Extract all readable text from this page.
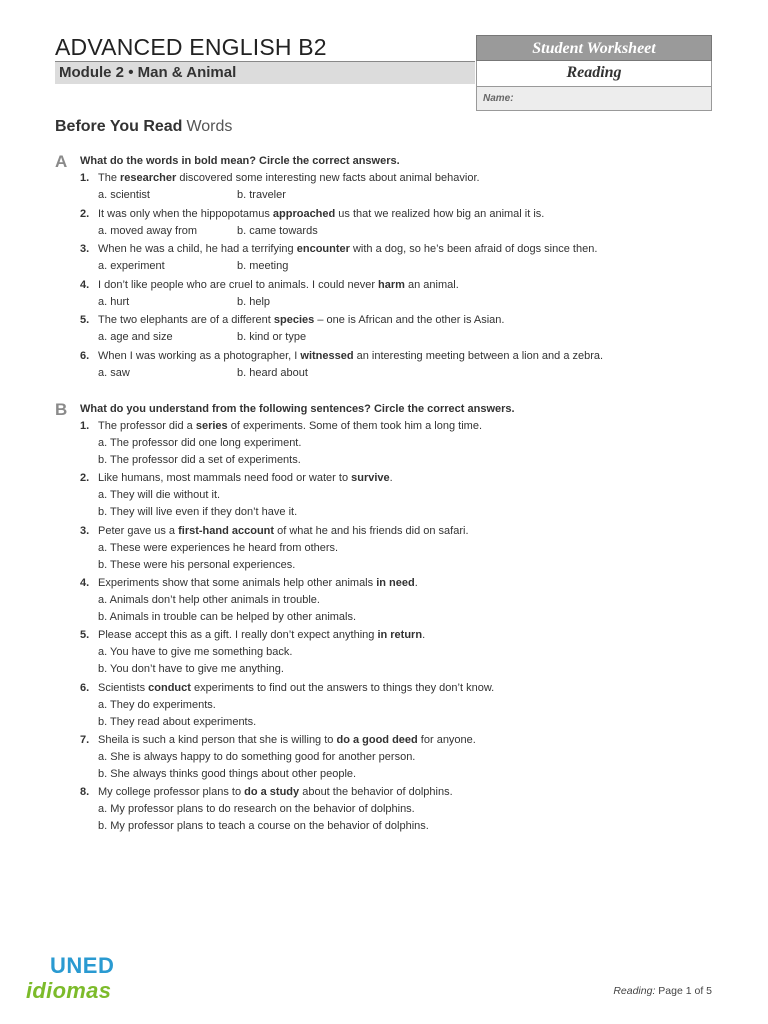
ADVANCED ENGLISH B2
Module 2 • Man & Animal
Student Worksheet
Reading
Name:
Before You Read Words
A What do the words in bold mean? Circle the correct answers.
1. The researcher discovered some interesting new facts about animal behavior.
a. scientist	b. traveler
2. It was only when the hippopotamus approached us that we realized how big an animal it is.
a. moved away from	b. came towards
3. When he was a child, he had a terrifying encounter with a dog, so he’s been afraid of dogs since then.
a. experiment	b. meeting
4. I don’t like people who are cruel to animals. I could never harm an animal.
a. hurt	b. help
5. The two elephants are of a different species – one is African and the other is Asian.
a. age and size	b. kind or type
6. When I was working as a photographer, I witnessed an interesting meeting between a lion and a zebra.
a. saw	b. heard about
B What do you understand from the following sentences? Circle the correct answers.
1. The professor did a series of experiments. Some of them took him a long time.
a. The professor did one long experiment.
b. The professor did a set of experiments.
2. Like humans, most mammals need food or water to survive.
a. They will die without it.
b. They will live even if they don’t have it.
3. Peter gave us a first-hand account of what he and his friends did on safari.
a. These were experiences he heard from others.
b. These were his personal experiences.
4. Experiments show that some animals help other animals in need.
a. Animals don’t help other animals in trouble.
b. Animals in trouble can be helped by other animals.
5. Please accept this as a gift. I really don’t expect anything in return.
a. You have to give me something back.
b. You don’t have to give me anything.
6. Scientists conduct experiments to find out the answers to things they don’t know.
a. They do experiments.
b. They read about experiments.
7. Sheila is such a kind person that she is willing to do a good deed for anyone.
a. She is always happy to do something good for another person.
b. She always thinks good things about other people.
8. My college professor plans to do a study about the behavior of dolphins.
a. My professor plans to do research on the behavior of dolphins.
b. My professor plans to teach a course on the behavior of dolphins.
UNED
idiomas	Reading: Page 1 of 5
